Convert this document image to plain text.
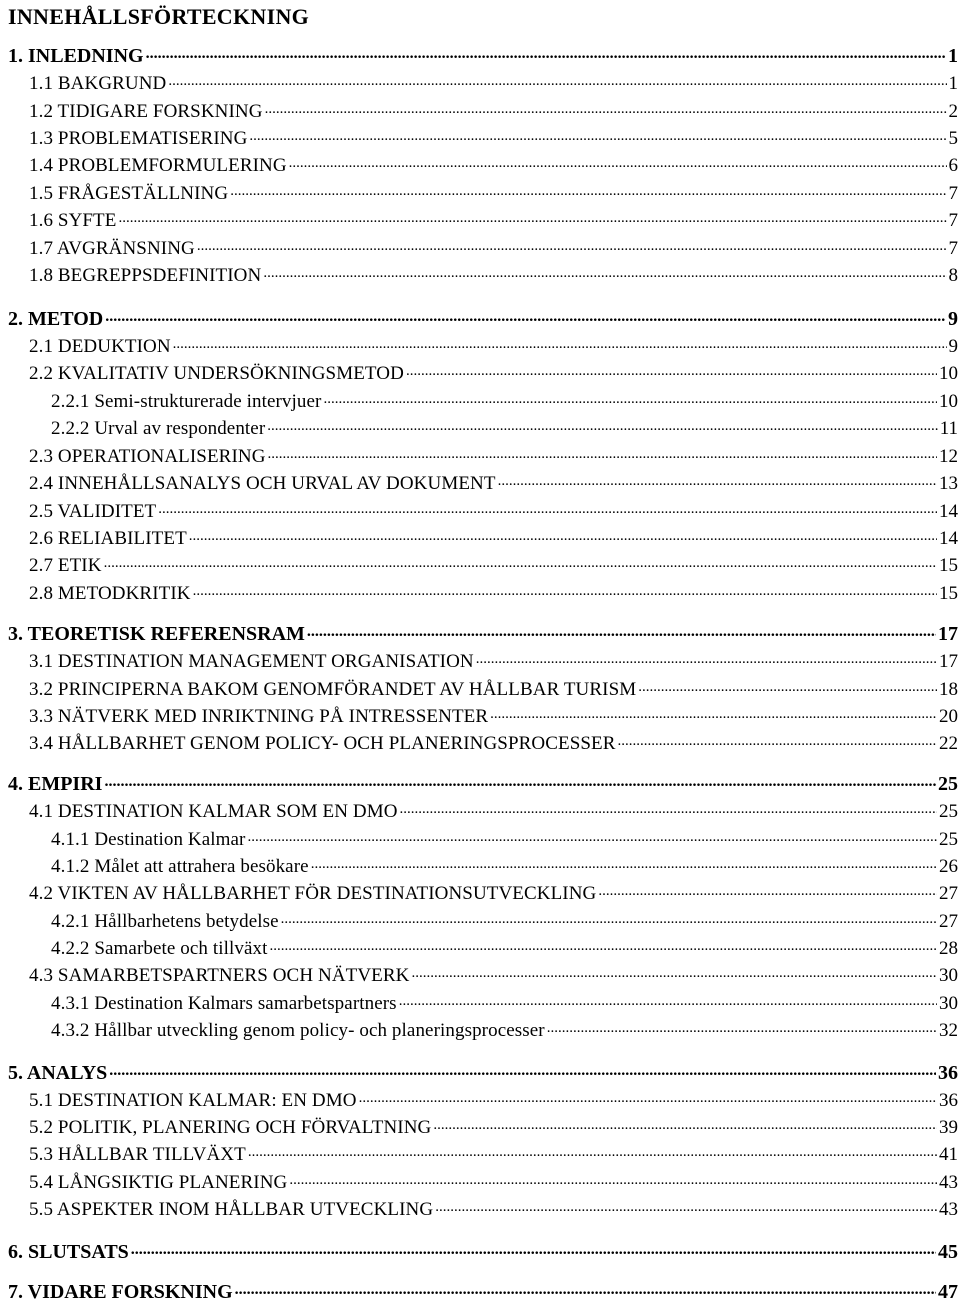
INNEHÅLLSFÖRTECKNING
1. INLEDNING .....	1
1.1 BAKGRUND .....	1
1.2 TIDIGARE FORSKNING .....	2
1.3 PROBLEMATISERING .....	5
1.4 PROBLEMFORMULERING .....	6
1.5 FRÅGESTÄLLNING .....	7
1.6 SYFTE .....	7
1.7 AVGRÄNSNING .....	7
1.8 BEGREPPSDEFINITION .....	8
2. METOD .....	9
2.1 DEDUKTION .....	9
2.2 KVALITATIV UNDERSÖKNINGSMETOD .....	10
2.2.1 Semi-strukturerade intervjuer .....	10
2.2.2 Urval av respondenter .....	11
2.3 OPERATIONALISERING .....	12
2.4 INNEHÅLLSANALYS OCH URVAL AV DOKUMENT .....	13
2.5 VALIDITET .....	14
2.6 RELIABILITET .....	14
2.7 ETIK .....	15
2.8 METODKRITIK .....	15
3. TEORETISK REFERENSRAM .....	17
3.1 DESTINATION MANAGEMENT ORGANISATION .....	17
3.2 PRINCIPERNA BAKOM GENOMFÖRANDET AV HÅLLBAR TURISM .....	18
3.3 NÄTVERK MED INRIKTNING PÅ INTRESSENTER .....	20
3.4 HÅLLBARHET GENOM POLICY- OCH PLANERINGSPROCESSER .....	22
4. EMPIRI .....	25
4.1 DESTINATION KALMAR SOM EN DMO .....	25
4.1.1 Destination Kalmar .....	25
4.1.2 Målet att attrahera besökare .....	26
4.2 VIKTEN AV HÅLLBARHET FÖR DESTINATIONSUTVECKLING .....	27
4.2.1 Hållbarhetens betydelse .....	27
4.2.2 Samarbete och tillväxt .....	28
4.3 SAMARBETSPARTNERS OCH NÄTVERK .....	30
4.3.1 Destination Kalmars samarbetspartners .....	30
4.3.2 Hållbar utveckling genom policy- och planeringsprocesser .....	32
5. ANALYS .....	36
5.1 DESTINATION KALMAR: EN DMO .....	36
5.2 POLITIK, PLANERING OCH FÖRVALTNING .....	39
5.3 HÅLLBAR TILLVÄXT .....	41
5.4 LÅNGSIKTIG PLANERING .....	43
5.5 ASPEKTER INOM HÅLLBAR UTVECKLING .....	43
6. SLUTSATS .....	45
7. VIDARE FORSKNING .....	47
